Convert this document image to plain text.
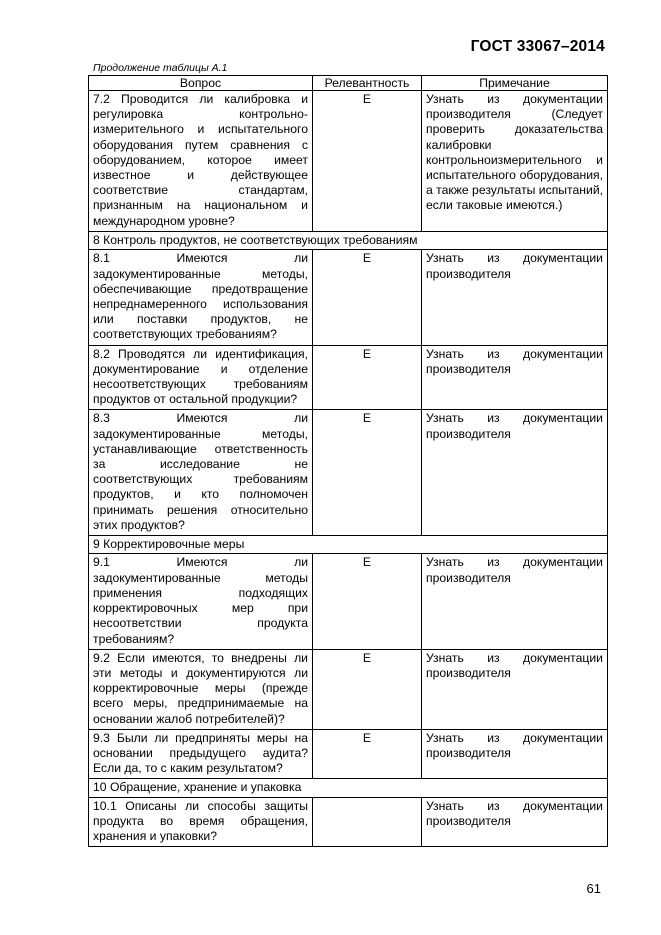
ГОСТ 33067–2014
Продолжение таблицы А.1
Вопрос	Релевантность	Примечание
7.2 Проводится ли калибровка и регулировка контрольно-измерительного и испытательного оборудования путем сравнения с оборудованием, которое имеет известное и действующее соответствие стандартам, признанным на национальном и международном уровне?	Е	Узнать из документации производителя (Следует проверить доказательства калибровки контрольноизмерительного и испытательного оборудования, а также результаты испытаний, если таковые имеются.)
8 Контроль продуктов, не соответствующих требованиям		
8.1 Имеются ли задокументированные методы, обеспечивающие предотвращение непреднамеренного использования или поставки продуктов, не соответствующих требованиям?	Е	Узнать из документации производителя
8.2 Проводятся ли идентификация, документирование и отделение несоответствующих требованиям продуктов от остальной продукции?	Е	Узнать из документации производителя
8.3 Имеются ли задокументированные методы, устанавливающие ответственность за исследование не соответствующих требованиям продуктов, и кто полномочен принимать решения относительно этих продуктов?	Е	Узнать из документации производителя
9 Корректировочные меры		
9.1 Имеются ли задокументированные методы применения подходящих корректировочных мер при несоответствии продукта требованиям?	Е	Узнать из документации производителя
9.2 Если имеются, то внедрены ли эти методы и документируются ли корректировочные меры (прежде всего меры, предпринимаемые на основании жалоб потребителей)?	Е	Узнать из документации производителя
9.3 Были ли предприняты меры на основании предыдущего аудита? Если да, то с каким результатом?	Е	Узнать из документации производителя
10 Обращение, хранение и упаковка		
10.1 Описаны ли способы защиты продукта во время обращения, хранения и упаковки?		Узнать из документации производителя
61
